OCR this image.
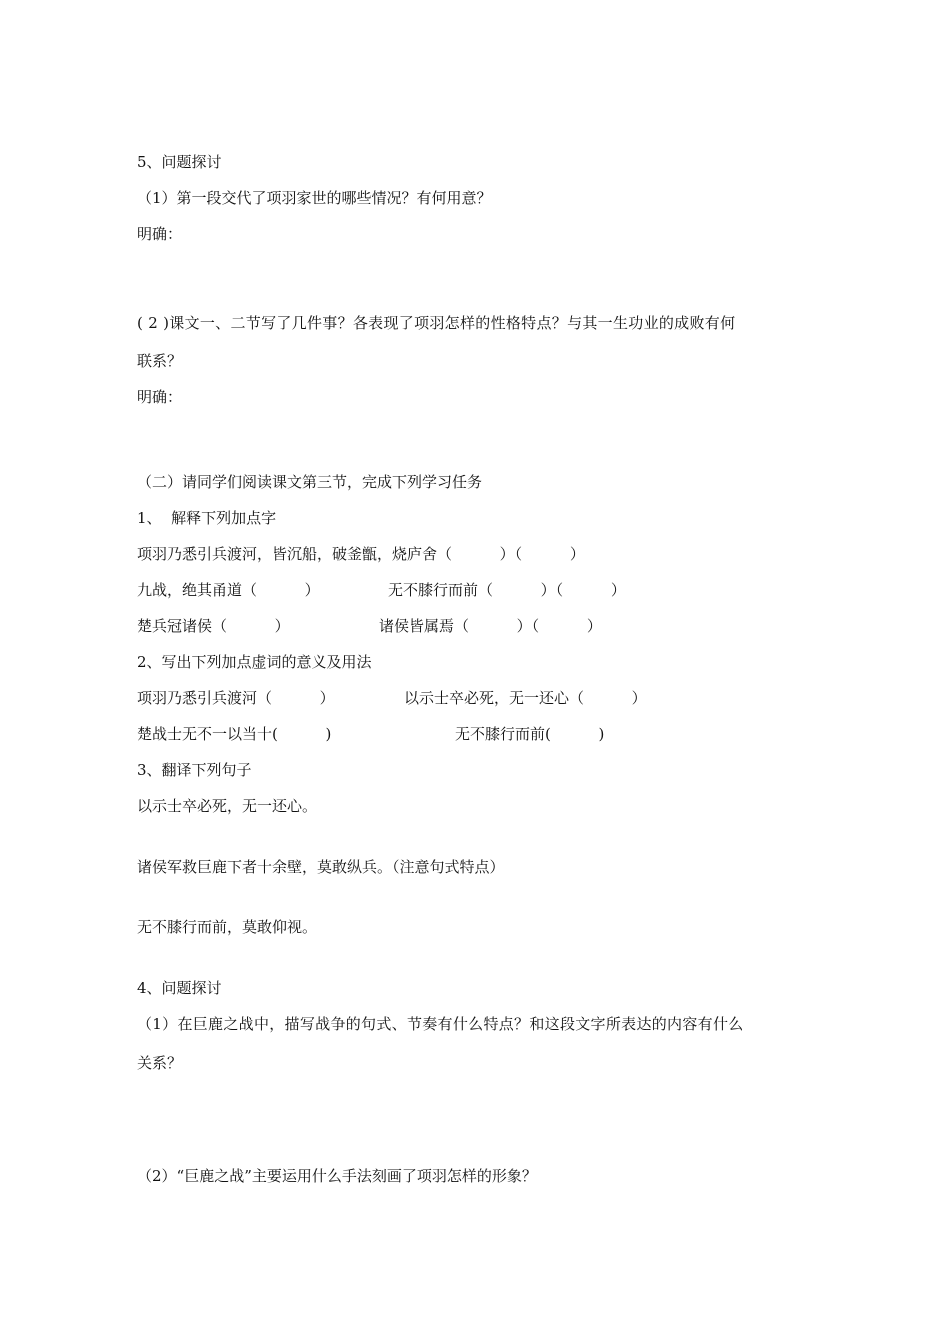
5、问题探讨
（1）第一段交代了项羽家世的哪些情况？有何用意？
明确：
( 2 )课文一、二节写了几件事？各表现了项羽怎样的性格特点？与其一生功业的成败有何
联系？
明确：
（二）请同学们阅读课文第三节，完成下列学习任务
1、  解释下列加点字
项羽乃悉引兵渡河，皆沉船，破釜甑，烧庐舍（          ）（          ）
九战，绝其甬道（          ）	无不膝行而前（          ）（          ）
楚兵冠诸侯（          ）	诸侯皆属焉（          ）（          ）
2、写出下列加点虚词的意义及用法
项羽乃悉引兵渡河（          ）	以示士卒必死，无一还心（          ）
楚战士无不一以当十(          )	无不膝行而前(          )
3、翻译下列句子
以示士卒必死，无一还心。
诸侯军救巨鹿下者十余壁，莫敢纵兵。（注意句式特点）
无不膝行而前，莫敢仰视。
4、问题探讨
（1）在巨鹿之战中，描写战争的句式、节奏有什么特点？和这段文字所表达的内容有什么
关系？
（2）“巨鹿之战”主要运用什么手法刻画了项羽怎样的形象？
